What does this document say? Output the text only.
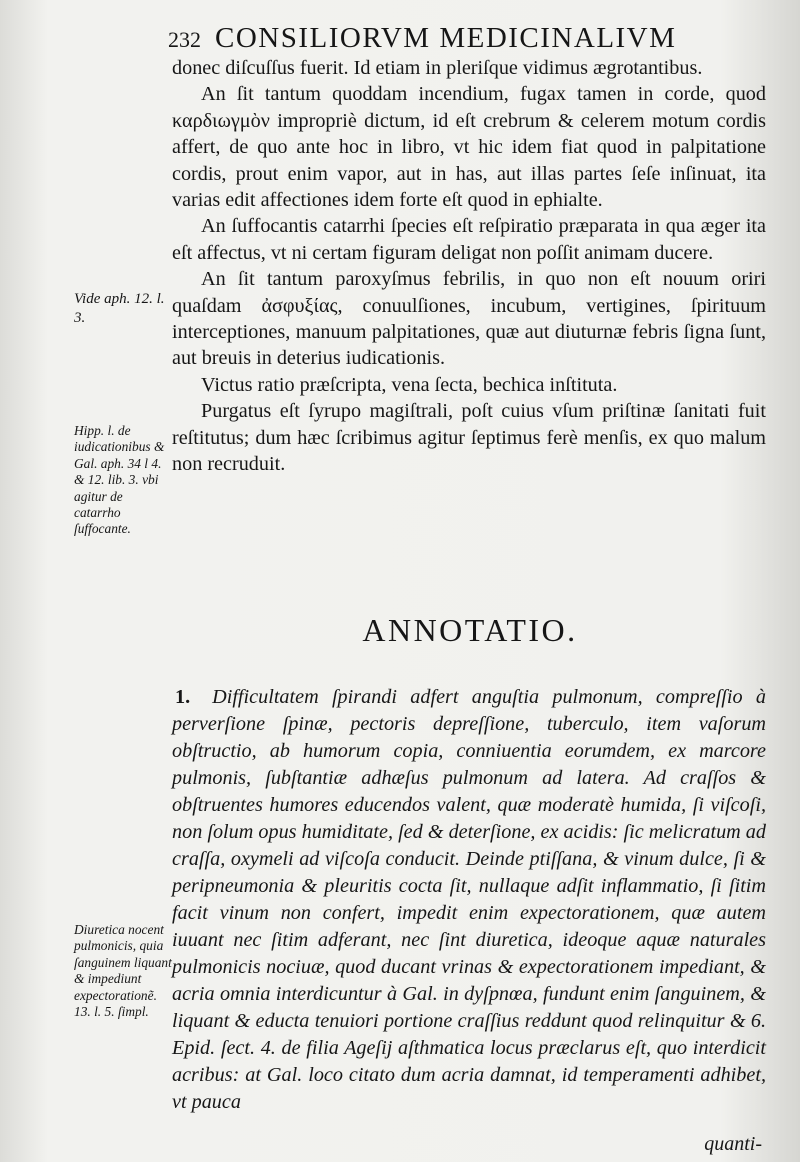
232 CONSILIORVM MEDICINALIVM

donec diſcuſſus fuerit. Id etiam in pleriſque vidimus ægrotantibus.

An ſit tantum quoddam incendium, fugax tamen in corde, quod καρδιωγμὸν impropriè dictum, id eſt crebrum & celerem motum cordis affert, de quo ante hoc in libro, vt hic idem fiat quod in palpitatione cordis, prout enim vapor, aut in has, aut illas partes ſeſe inſinuat, ita varias edit affectiones idem forte eſt quod in ephialte.

An ſuffocantis catarrhi ſpecies eſt reſpiratio præparata in qua æger ita eſt affectus, vt ni certam figuram deligat non poſſit animam ducere.

An ſit tantum paroxyſmus febrilis, in quo non eſt nouum oriri quaſdam ἀσφυξίας, conuulſiones, incubum, vertigines, ſpirituum interceptiones, manuum palpitationes, quæ aut diuturnæ febris ſigna ſunt, aut breuis in deterius iudicationis.

Victus ratio præſcripta, vena ſecta, bechica inſtituta.

Purgatus eſt ſyrupo magiſtrali, poſt cuius vſum priſtinæ ſanitati fuit reſtitutus; dum hæc ſcribimus agitur ſeptimus ferè menſis, ex quo malum non recruduit.

Vide aph. 12. l. 3.
Hipp. l. de iudicationibus & Gal. aph. 34 l 4. & 12. lib. 3. vbi agitur de catarrho ſuffocante.
Diuretica nocent pulmonicis, quia ſanguinem liquant & impediunt expectorationẽ. 13. l. 5. ſimpl.
ANNOTATIO.

1. Difficultatem ſpirandi adfert anguſtia pulmonum, compreſſio à perverſione ſpinæ, pectoris depreſſione, tuberculo, item vaſorum obſtructio, ab humorum copia, conniuentia eorumdem, ex marcore pulmonis, ſubſtantiæ adhæſus pulmonum ad latera. Ad craſſos & obſtruentes humores educendos valent, quæ moderatè humida, ſi viſcoſi, non ſolum opus humiditate, ſed & deterſione, ex acidis: ſic melicratum ad craſſa, oxymeli ad viſcoſa conducit. Deinde ptiſſana, & vinum dulce, ſi & peripneumonia & pleuritis cocta ſit, nullaque adſit inflammatio, ſi ſitim facit vinum non confert, impedit enim expectorationem, quæ autem iuuant nec ſitim adferant, nec ſint diuretica, ideoque aquæ naturales pulmonicis nociuæ, quod ducant vrinas & expectorationem impediant, & acria omnia interdicuntur à Gal. in dyſpnœa, fundunt enim ſanguinem, & liquant & educta tenuiori portione craſſius reddunt quod relinquitur & 6. Epid. ſect. 4. de filia Ageſij aſthmatica locus præclarus eſt, quo interdicit acribus: at Gal. loco citato dum acria damnat, id temperamenti adhibet, vt pauca

quanti-
